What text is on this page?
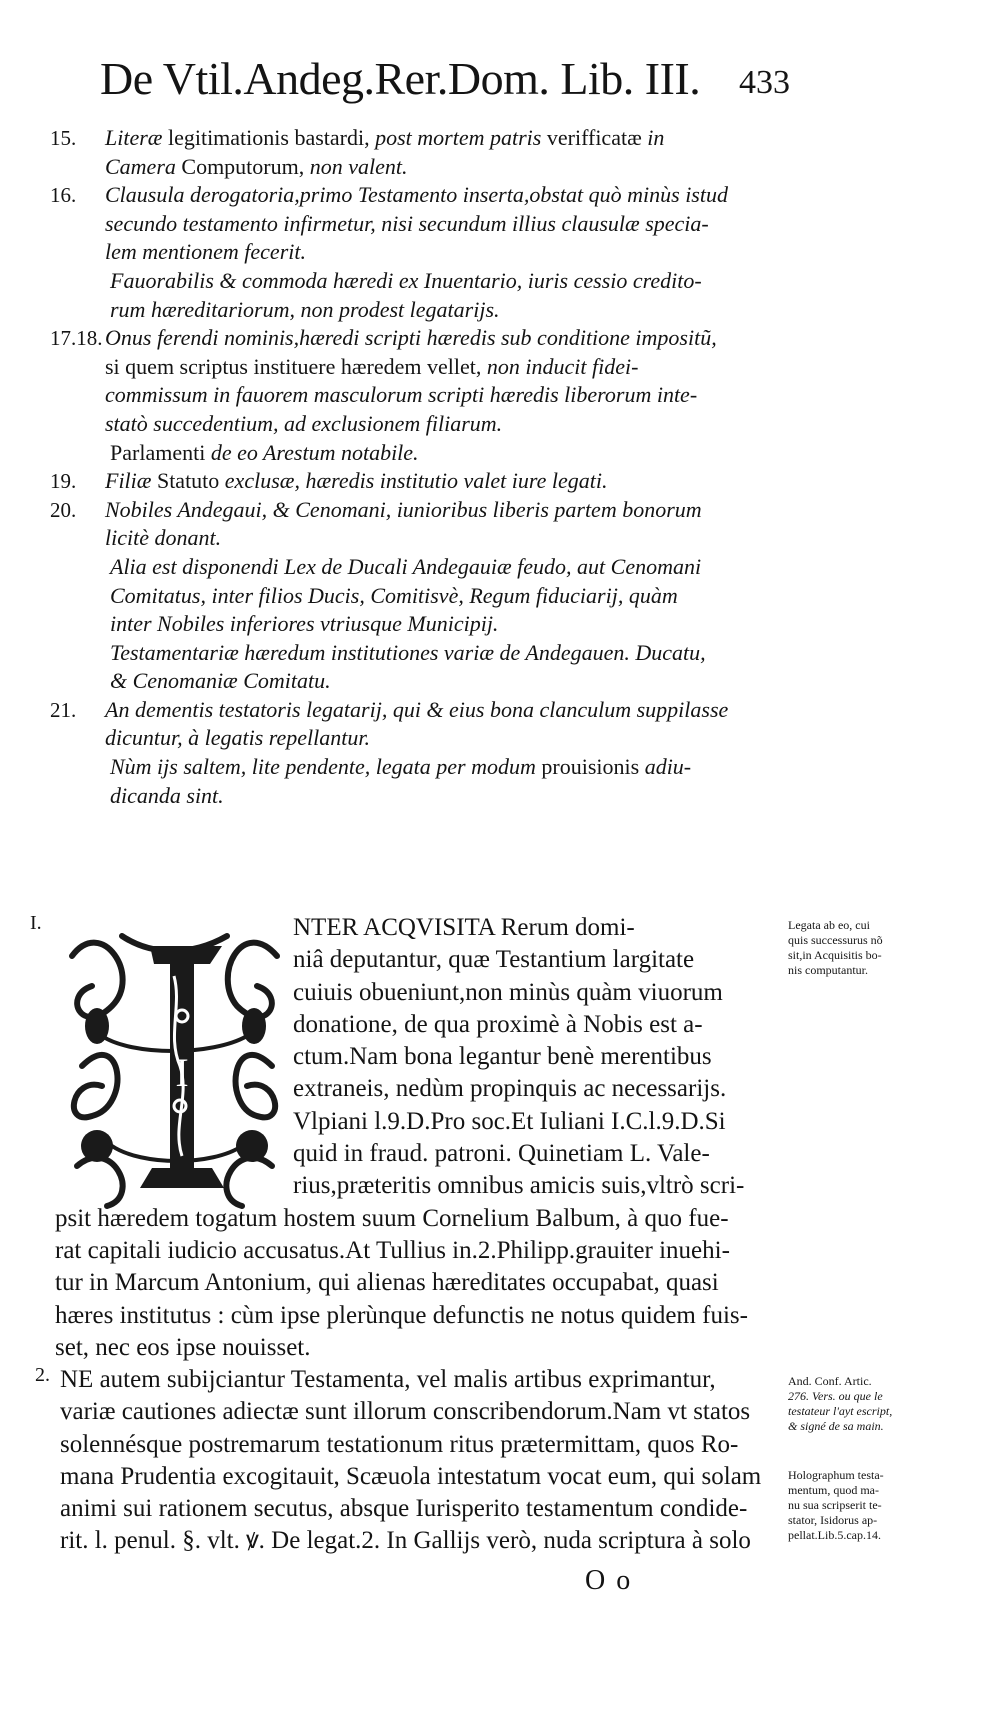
De Vtil.Andeg.Rer.Dom. Lib. III. 433
15.	Literæ legitimationis bastardi, post mortem patris verifficatæ in
Camera Computorum, non valent.
16.	Clausula derogatoria,primo Testamento inserta,obstat quò minùs istud
secundo testamento infirmetur, nisi secundum illius clausulæ specia-
lem mentionem fecerit.
Fauorabilis & commoda hæredi ex Inuentario, iuris cessio credito-
rum hæreditariorum, non prodest legatarijs.
17.18. Onus ferendi nominis,hæredi scripti hæredis sub conditione impositũ,
si quem scriptus instituere hæredem vellet, non inducit fidei-
commissum in fauorem masculorum scripti hæredis liberorum inte-
statò succedentium, ad exclusionem filiarum.
Parlamenti de eo Arestum notabile.
19.	Filiæ Statuto exclusæ, hæredis institutio valet iure legati.
20.	Nobiles Andegaui, & Cenomani, iunioribus liberis partem bonorum
licitè donant.
Alia est disponendi Lex de Ducali Andegauiæ feudo, aut Cenomani
Comitatus, inter filios Ducis, Comitisvè, Regum fiduciarij, quàm
inter Nobiles inferiores vtriusque Municipij.
Testamentariæ hæredum institutiones variæ de Andegauen. Ducatu,
& Cenomaniæ Comitatu.
21.	An dementis testatoris legatarij, qui & eius bona clanculum suppilasse
dicuntur, à legatis repellantur.
Nùm ijs saltem, lite pendente, legata per modum prouisionis adiu-
dicanda sint.
I.
I
NTER ACQVISITA Rerum domi-
niâ deputantur, quæ Testantium largitate
cuiuis obueniunt,non minùs quàm viuorum
donatione, de qua proximè à Nobis est a-
ctum.Nam bona legantur benè merentibus
extraneis, nedùm propinquis ac necessarijs.
Vlpiani l.9.D.Pro soc.Et Iuliani I.C.l.9.D.Si
quid in fraud. patroni. Quinetiam L. Vale-
rius,præteritis omnibus amicis suis,vltrò scri-
psit hæredem togatum hostem suum Cornelium Balbum, à quo fue-
rat capitali iudicio accusatus.At Tullius in.2.Philipp.grauiter inuehi-
tur in Marcum Antonium, qui alienas hæreditates occupabat, quasi
hæres institutus : cùm ipse plerùnque defunctis ne notus quidem fuis-
set, nec eos ipse nouisset.
2. NE autem subijciantur Testamenta, vel malis artibus exprimantur,
variæ cautiones adiectæ sunt illorum conscribendorum.Nam vt statos
solennésque postremarum testationum ritus prætermittam, quos Ro-
mana Prudentia excogitauit, Scæuola intestatum vocat eum, qui solam
animi sui rationem secutus, absque Iurisperito testamentum condide-
rit. l. penul. §. vlt. ꝟ. De legat.2. In Gallijs verò, nuda scriptura à solo
Legata ab eo, cui
quis successurus nõ
sit,in Acquisitis bo-
nis computantur.
And. Conf. Artic.
276. Vers. ou que le
testateur l'ayt escript,
& signé de sa main.
Holographum testa-
mentum, quod ma-
nu sua scripserit te-
stator, Isidorus ap-
pellat.Lib.5.cap.14.
O o
